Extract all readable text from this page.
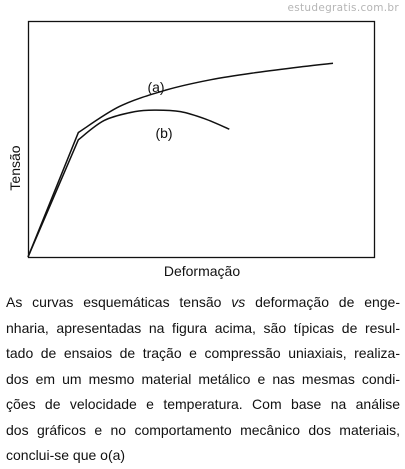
estudegratis.com.br
(a)
(b)
Tensão
Deformação
As curvas esquemáticas tensão vs deformação de enge-
nharia, apresentadas na figura acima, são típicas de resul-
tado de ensaios de tração e compressão uniaxiais, realiza-
dos em um mesmo material metálico e nas mesmas condi-
ções de velocidade e temperatura. Com base na análise
dos gráficos e no comportamento mecânico dos materiais,
conclui-se que o(a)
